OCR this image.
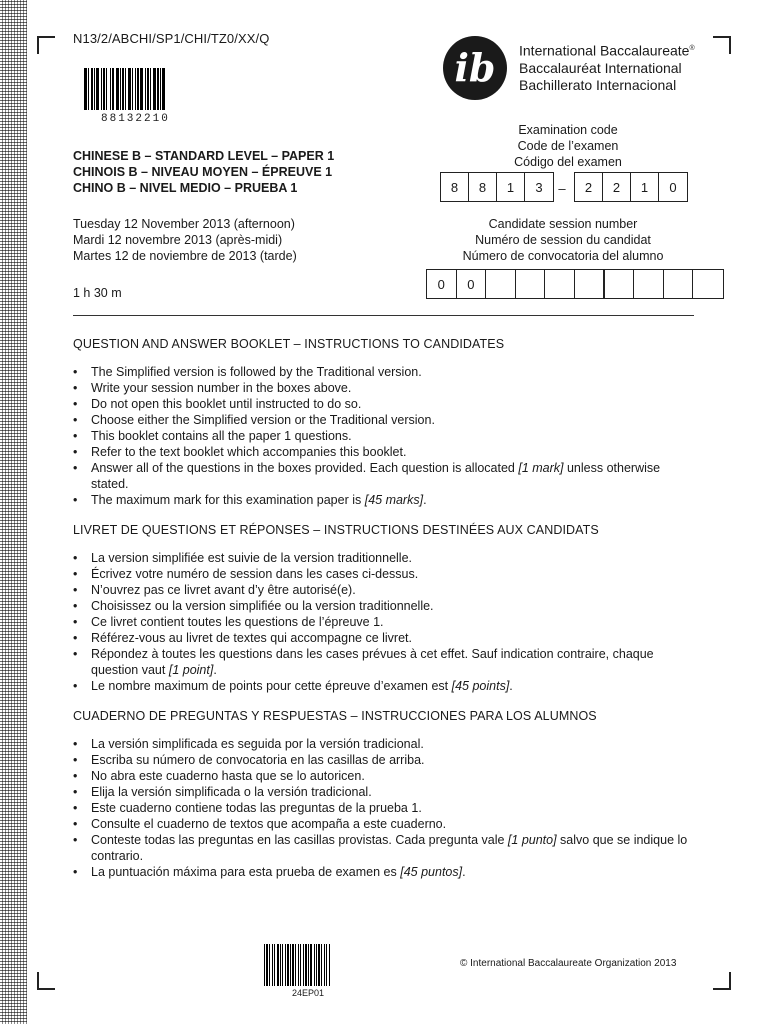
N13/2/ABCHI/SP1/CHI/TZ0/XX/Q
88132210
ib International Baccalaureate®
Baccalauréat International
Bachillerato Internacional
CHINESE B – STANDARD LEVEL – PAPER 1
CHINOIS B – NIVEAU MOYEN – ÉPREUVE 1
CHINO B – NIVEL MEDIO – PRUEBA 1
Tuesday 12 November 2013 (afternoon)
Mardi 12 novembre 2013 (après-midi)
Martes 12 de noviembre de 2013 (tarde)
1 h 30 m
Examination code
Code de l’examen
Código del examen
8	8	1	3	–	2	2	1	0
Candidate session number
Numéro de session du candidat
Número de convocatoria del alumno
0	0
QUESTION AND ANSWER BOOKLET – INSTRUCTIONS TO CANDIDATES
• The Simplified version is followed by the Traditional version.
• Write your session number in the boxes above.
• Do not open this booklet until instructed to do so.
• Choose either the Simplified version or the Traditional version.
• This booklet contains all the paper 1 questions.
• Refer to the text booklet which accompanies this booklet.
• Answer all of the questions in the boxes provided. Each question is allocated [1 mark] unless otherwise stated.
• The maximum mark for this examination paper is [45 marks].
LIVRET DE QUESTIONS ET RÉPONSES – INSTRUCTIONS DESTINÉES AUX CANDIDATS
• La version simplifiée est suivie de la version traditionnelle.
• Écrivez votre numéro de session dans les cases ci-dessus.
• N’ouvrez pas ce livret avant d’y être autorisé(e).
• Choisissez ou la version simplifiée ou la version traditionnelle.
• Ce livret contient toutes les questions de l’épreuve 1.
• Référez-vous au livret de textes qui accompagne ce livret.
• Répondez à toutes les questions dans les cases prévues à cet effet. Sauf indication contraire, chaque question vaut [1 point].
• Le nombre maximum de points pour cette épreuve d’examen est [45 points].
CUADERNO DE PREGUNTAS Y RESPUESTAS – INSTRUCCIONES PARA LOS ALUMNOS
• La versión simplificada es seguida por la versión tradicional.
• Escriba su número de convocatoria en las casillas de arriba.
• No abra este cuaderno hasta que se lo autoricen.
• Elija la versión simplificada o la versión tradicional.
• Este cuaderno contiene todas las preguntas de la prueba 1.
• Consulte el cuaderno de textos que acompaña a este cuaderno.
• Conteste todas las preguntas en las casillas provistas. Cada pregunta vale [1 punto] salvo que se indique lo contrario.
• La puntuación máxima para esta prueba de examen es [45 puntos].
24EP01
© International Baccalaureate Organization 2013
